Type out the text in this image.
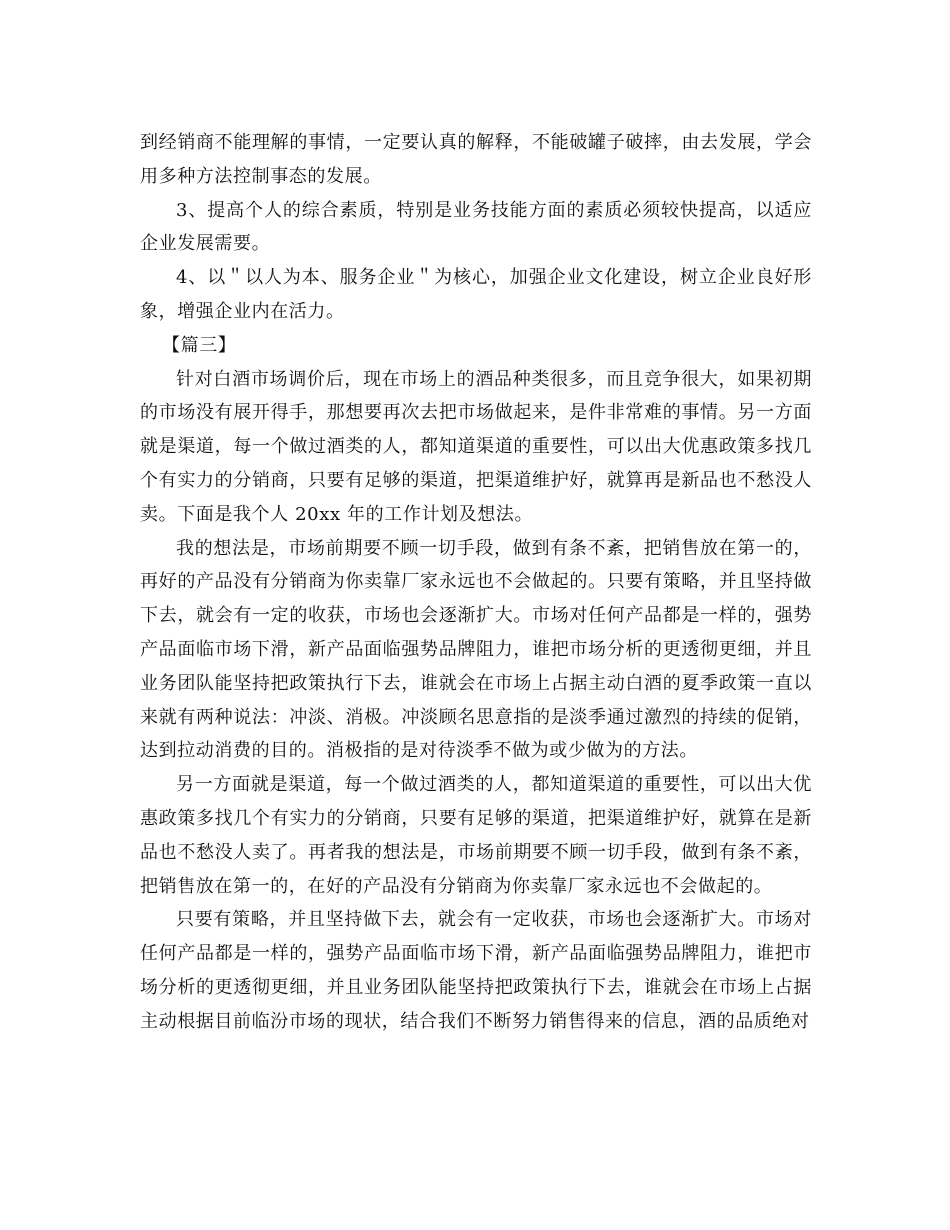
到经销商不能理解的事情，一定要认真的解释，不能破罐子破摔，由去发展，学会用多种方法控制事态的发展。

3、提高个人的综合素质，特别是业务技能方面的素质必须较快提高，以适应企业发展需要。

4、以＂以人为本、服务企业＂为核心，加强企业文化建设，树立企业良好形象，增强企业内在活力。

【篇三】

针对白酒市场调价后，现在市场上的酒品种类很多，而且竞争很大，如果初期的市场没有展开得手，那想要再次去把市场做起来，是件非常难的事情。另一方面就是渠道，每一个做过酒类的人，都知道渠道的重要性，可以出大优惠政策多找几个有实力的分销商，只要有足够的渠道，把渠道维护好，就算再是新品也不愁没人卖。下面是我个人 20xx 年的工作计划及想法。

我的想法是，市场前期要不顾一切手段，做到有条不紊，把销售放在第一的，再好的产品没有分销商为你卖靠厂家永远也不会做起的。只要有策略，并且坚持做下去，就会有一定的收获，市场也会逐渐扩大。市场对任何产品都是一样的，强势产品面临市场下滑，新产品面临强势品牌阻力，谁把市场分析的更透彻更细，并且业务团队能坚持把政策执行下去，谁就会在市场上占据主动白酒的夏季政策一直以来就有两种说法：冲淡、消极。冲淡顾名思意指的是淡季通过激烈的持续的促销，达到拉动消费的目的。消极指的是对待淡季不做为或少做为的方法。

另一方面就是渠道，每一个做过酒类的人，都知道渠道的重要性，可以出大优惠政策多找几个有实力的分销商，只要有足够的渠道，把渠道维护好，就算在是新品也不愁没人卖了。再者我的想法是，市场前期要不顾一切手段，做到有条不紊，把销售放在第一的，在好的产品没有分销商为你卖靠厂家永远也不会做起的。

只要有策略，并且坚持做下去，就会有一定收获，市场也会逐渐扩大。市场对任何产品都是一样的，强势产品面临市场下滑，新产品面临强势品牌阻力，谁把市场分析的更透彻更细，并且业务团队能坚持把政策执行下去，谁就会在市场上占据主动根据目前临汾市场的现状，结合我们不断努力销售得来的信息，酒的品质绝对
